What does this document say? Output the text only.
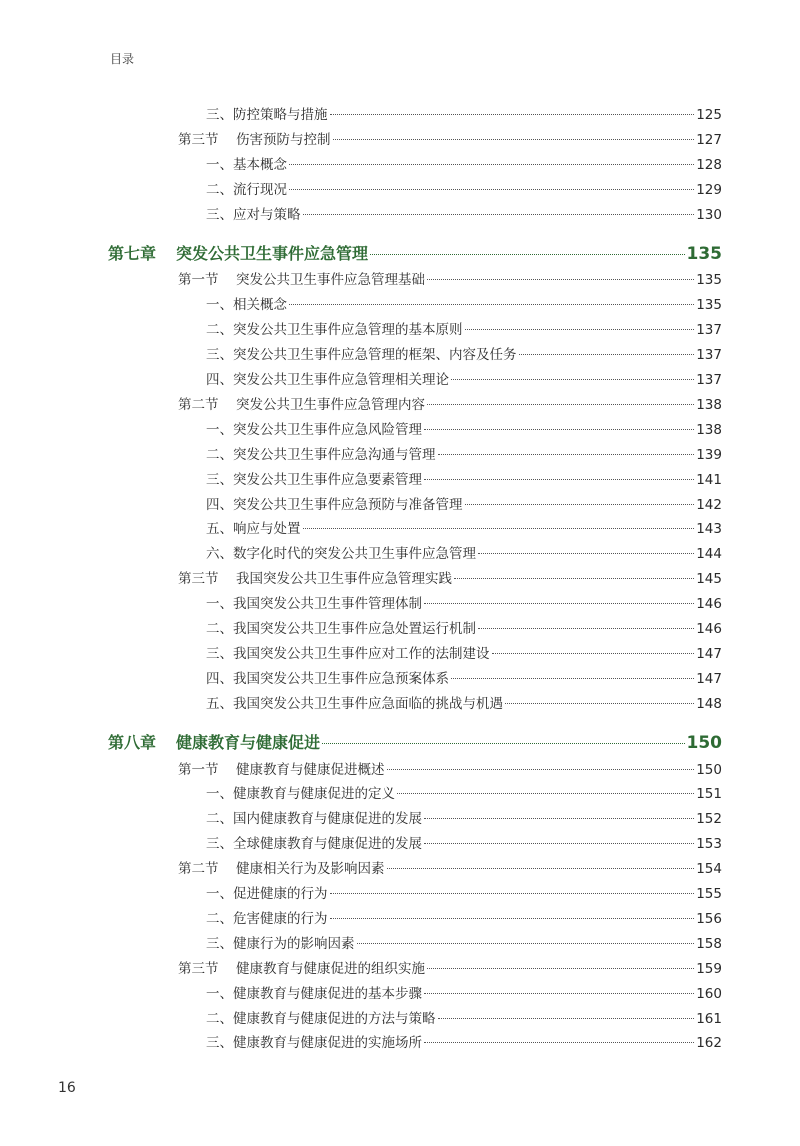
目录
三、防控策略与措施	125
第三节 伤害预防与控制	127
一、基本概念	128
二、流行现况	129
三、应对与策略	130
第七章 突发公共卫生事件应急管理	135
第一节 突发公共卫生事件应急管理基础	135
一、相关概念	135
二、突发公共卫生事件应急管理的基本原则	137
三、突发公共卫生事件应急管理的框架、内容及任务	137
四、突发公共卫生事件应急管理相关理论	137
第二节 突发公共卫生事件应急管理内容	138
一、突发公共卫生事件应急风险管理	138
二、突发公共卫生事件应急沟通与管理	139
三、突发公共卫生事件应急要素管理	141
四、突发公共卫生事件应急预防与准备管理	142
五、响应与处置	143
六、数字化时代的突发公共卫生事件应急管理	144
第三节 我国突发公共卫生事件应急管理实践	145
一、我国突发公共卫生事件管理体制	146
二、我国突发公共卫生事件应急处置运行机制	146
三、我国突发公共卫生事件应对工作的法制建设	147
四、我国突发公共卫生事件应急预案体系	147
五、我国突发公共卫生事件应急面临的挑战与机遇	148
第八章 健康教育与健康促进	150
第一节 健康教育与健康促进概述	150
一、健康教育与健康促进的定义	151
二、国内健康教育与健康促进的发展	152
三、全球健康教育与健康促进的发展	153
第二节 健康相关行为及影响因素	154
一、促进健康的行为	155
二、危害健康的行为	156
三、健康行为的影响因素	158
第三节 健康教育与健康促进的组织实施	159
一、健康教育与健康促进的基本步骤	160
二、健康教育与健康促进的方法与策略	161
三、健康教育与健康促进的实施场所	162
16
